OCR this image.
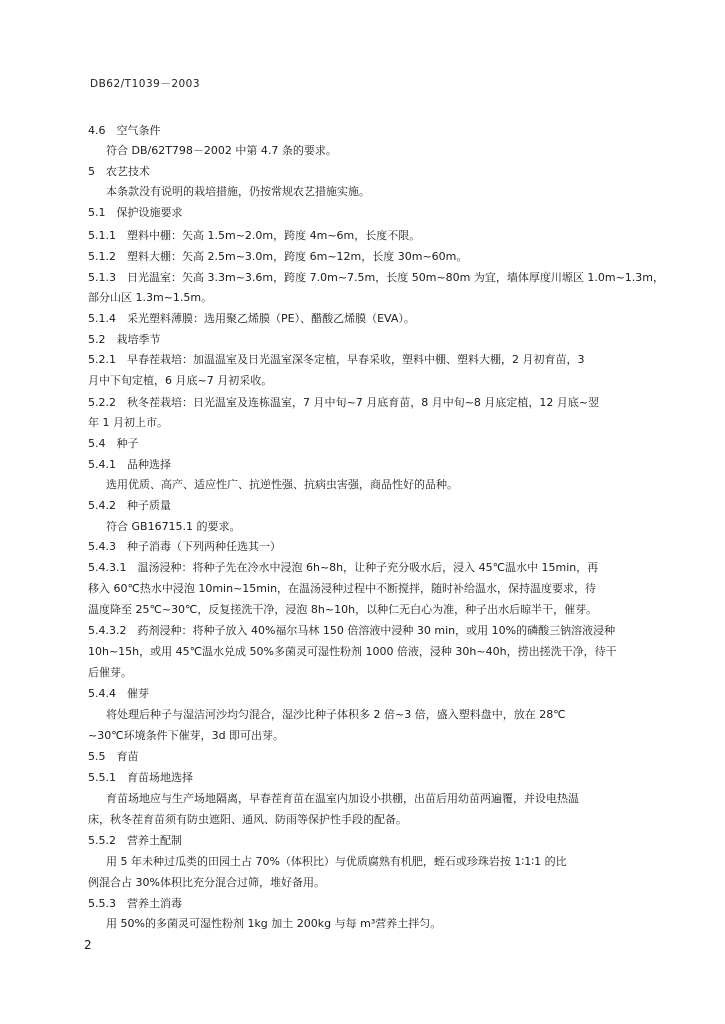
DB62/T1039－2003
4.6　空气条件
符合 DB/62T798－2002 中第 4.7 条的要求。
5　农艺技术
本条款没有说明的栽培措施，仍按常规农艺措施实施。
5.1　保护设施要求
5.1.1　塑料中棚：矢高 1.5m~2.0m，跨度 4m~6m，长度不限。
5.1.2　塑料大棚：矢高 2.5m~3.0m，跨度 6m~12m，长度 30m~60m。
5.1.3　日光温室：矢高 3.3m~3.6m，跨度 7.0m~7.5m，长度 50m~80m 为宜，墙体厚度川塬区 1.0m~1.3m，
部分山区 1.3m~1.5m。
5.1.4　采光塑料薄膜：选用聚乙烯膜（PE）、醋酸乙烯膜（EVA）。
5.2　栽培季节
5.2.1　早春茬栽培：加温温室及日光温室深冬定植，早春采收，塑料中棚、塑料大棚，2 月初育苗，3
月中下旬定植，6 月底~7 月初采收。
5.2.2　秋冬茬栽培：日光温室及连栋温室，7 月中旬~7 月底育苗，8 月中旬~8 月底定植，12 月底~翌
年 1 月初上市。
5.4　种子
5.4.1　品种选择
选用优质、高产、适应性广、抗逆性强、抗病虫害强，商品性好的品种。
5.4.2　种子质量
符合 GB16715.1 的要求。
5.4.3　种子消毒（下列两种任选其一）
5.4.3.1　温汤浸种：将种子先在冷水中浸泡 6h~8h，让种子充分吸水后，浸入 45℃温水中 15min，再
移入 60℃热水中浸泡 10min~15min，在温汤浸种过程中不断搅拌，随时补给温水，保持温度要求，待
温度降至 25℃~30℃，反复搓洗干净，浸泡 8h~10h，以种仁无白心为准，种子出水后晾半干，催芽。
5.4.3.2　药剂浸种：将种子放入 40%福尔马林 150 倍溶液中浸种 30 min，或用 10%的磷酸三钠溶液浸种
10h~15h，或用 45℃温水兑成 50%多菌灵可湿性粉剂 1000 倍液，浸种 30h~40h，捞出搓洗干净，待干
后催芽。
5.4.4　催芽
将处理后种子与湿洁河沙均匀混合，湿沙比种子体积多 2 倍~3 倍，盛入塑料盘中，放在 28℃
~30℃环境条件下催芽，3d 即可出芽。
5.5　育苗
5.5.1　育苗场地选择
育苗场地应与生产场地隔离，早春茬育苗在温室内加设小拱棚，出苗后用幼苗两遍覆，并设电热温
床，秋冬茬育苗须有防虫遮阳、通风、防雨等保护性手段的配备。
5.5.2　营养土配制
用 5 年未种过瓜类的田园土占 70%（体积比）与优质腐熟有机肥，蛭石或珍珠岩按 1∶1∶1 的比
例混合占 30%体积比充分混合过筛，堆好备用。
5.5.3　营养土消毒
用 50%的多菌灵可湿性粉剂 1kg 加土 200kg 与每 m³营养土拌匀。
2
